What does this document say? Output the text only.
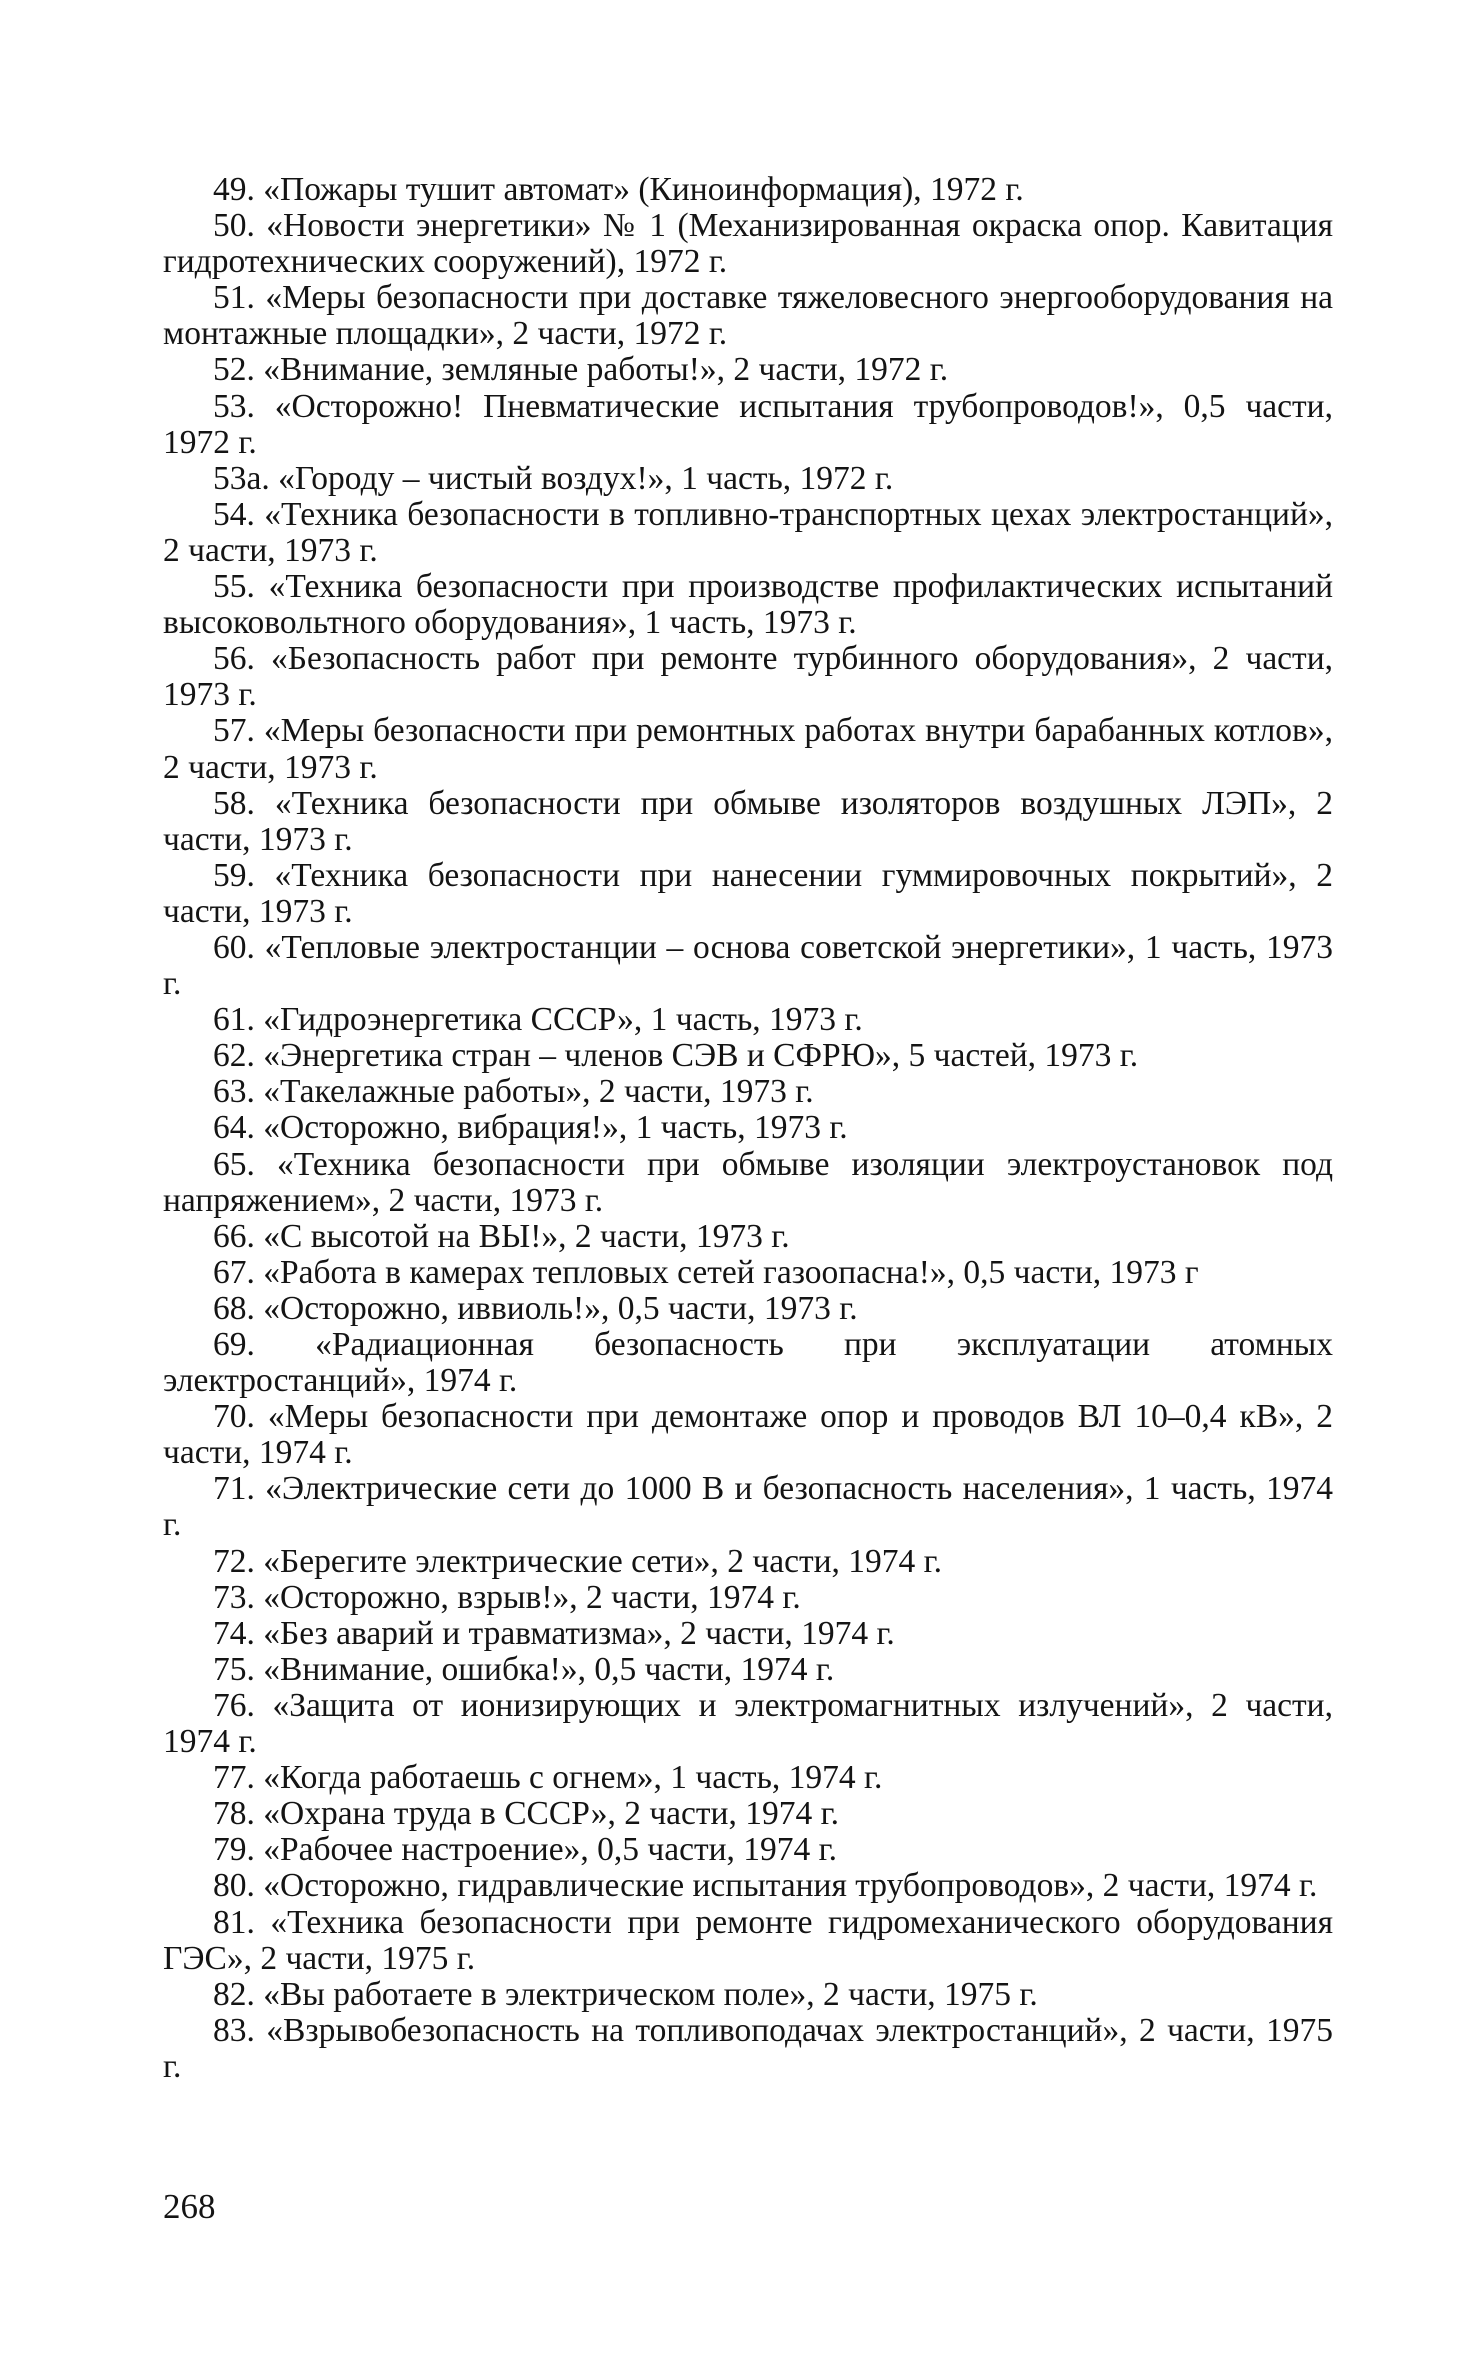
49. «Пожары тушит автомат» (Киноинформация), 1972 г.

50. «Новости энергетики» № 1 (Механизированная окраска опор. Кавитация гидротехнических сооружений), 1972 г.

51. «Меры безопасности при доставке тяжеловесного энергооборудования на монтажные площадки», 2 части, 1972 г.

52. «Внимание, земляные работы!», 2 части, 1972 г.

53. «Осторожно! Пневматические испытания трубопроводов!», 0,5 части, 1972 г.

53а. «Городу – чистый воздух!», 1 часть, 1972 г.

54. «Техника безопасности в топливно-транспортных цехах электростанций», 2 части, 1973 г.

55. «Техника безопасности при производстве профилактических испытаний высоковольтного оборудования», 1 часть, 1973 г.

56. «Безопасность работ при ремонте турбинного оборудования», 2 части, 1973 г.

57. «Меры безопасности при ремонтных работах внутри барабанных котлов», 2 части, 1973 г.

58. «Техника безопасности при обмыве изоляторов воздушных ЛЭП», 2 части, 1973 г.

59. «Техника безопасности при нанесении гуммировочных покрытий», 2 части, 1973 г.

60. «Тепловые электростанции – основа советской энергетики», 1 часть, 1973 г.

61. «Гидроэнергетика СССР», 1 часть, 1973 г.

62. «Энергетика стран – членов СЭВ и СФРЮ», 5 частей, 1973 г.

63. «Такелажные работы», 2 части, 1973 г.

64. «Осторожно, вибрация!», 1 часть, 1973 г.

65. «Техника безопасности при обмыве изоляции электроустановок под напряжением», 2 части, 1973 г.

66. «С высотой на ВЫ!», 2 части, 1973 г.

67. «Работа в камерах тепловых сетей газоопасна!», 0,5 части, 1973 г

68. «Осторожно, иввиоль!», 0,5 части, 1973 г.

69. «Радиационная безопасность при эксплуатации атомных электростанций», 1974 г.

70. «Меры безопасности при демонтаже опор и проводов ВЛ 10–0,4 кВ», 2 части, 1974 г.

71. «Электрические сети до 1000 В и безопасность населения», 1 часть, 1974 г.

72. «Берегите электрические сети», 2 части, 1974 г.

73. «Осторожно, взрыв!», 2 части, 1974 г.

74. «Без аварий и травматизма», 2 части, 1974 г.

75. «Внимание, ошибка!», 0,5 части, 1974 г.

76. «Защита от ионизирующих и электромагнитных излучений», 2 части, 1974 г.

77. «Когда работаешь с огнем», 1 часть, 1974 г.

78. «Охрана труда в СССР», 2 части, 1974 г.

79. «Рабочее настроение», 0,5 части, 1974 г.

80. «Осторожно, гидравлические испытания трубопроводов», 2 части, 1974 г.

81. «Техника безопасности при ремонте гидромеханического оборудования ГЭС», 2 части, 1975 г.

82. «Вы работаете в электрическом поле», 2 части, 1975 г.

83. «Взрывобезопасность на топливоподачах электростанций», 2 части, 1975 г.

268
